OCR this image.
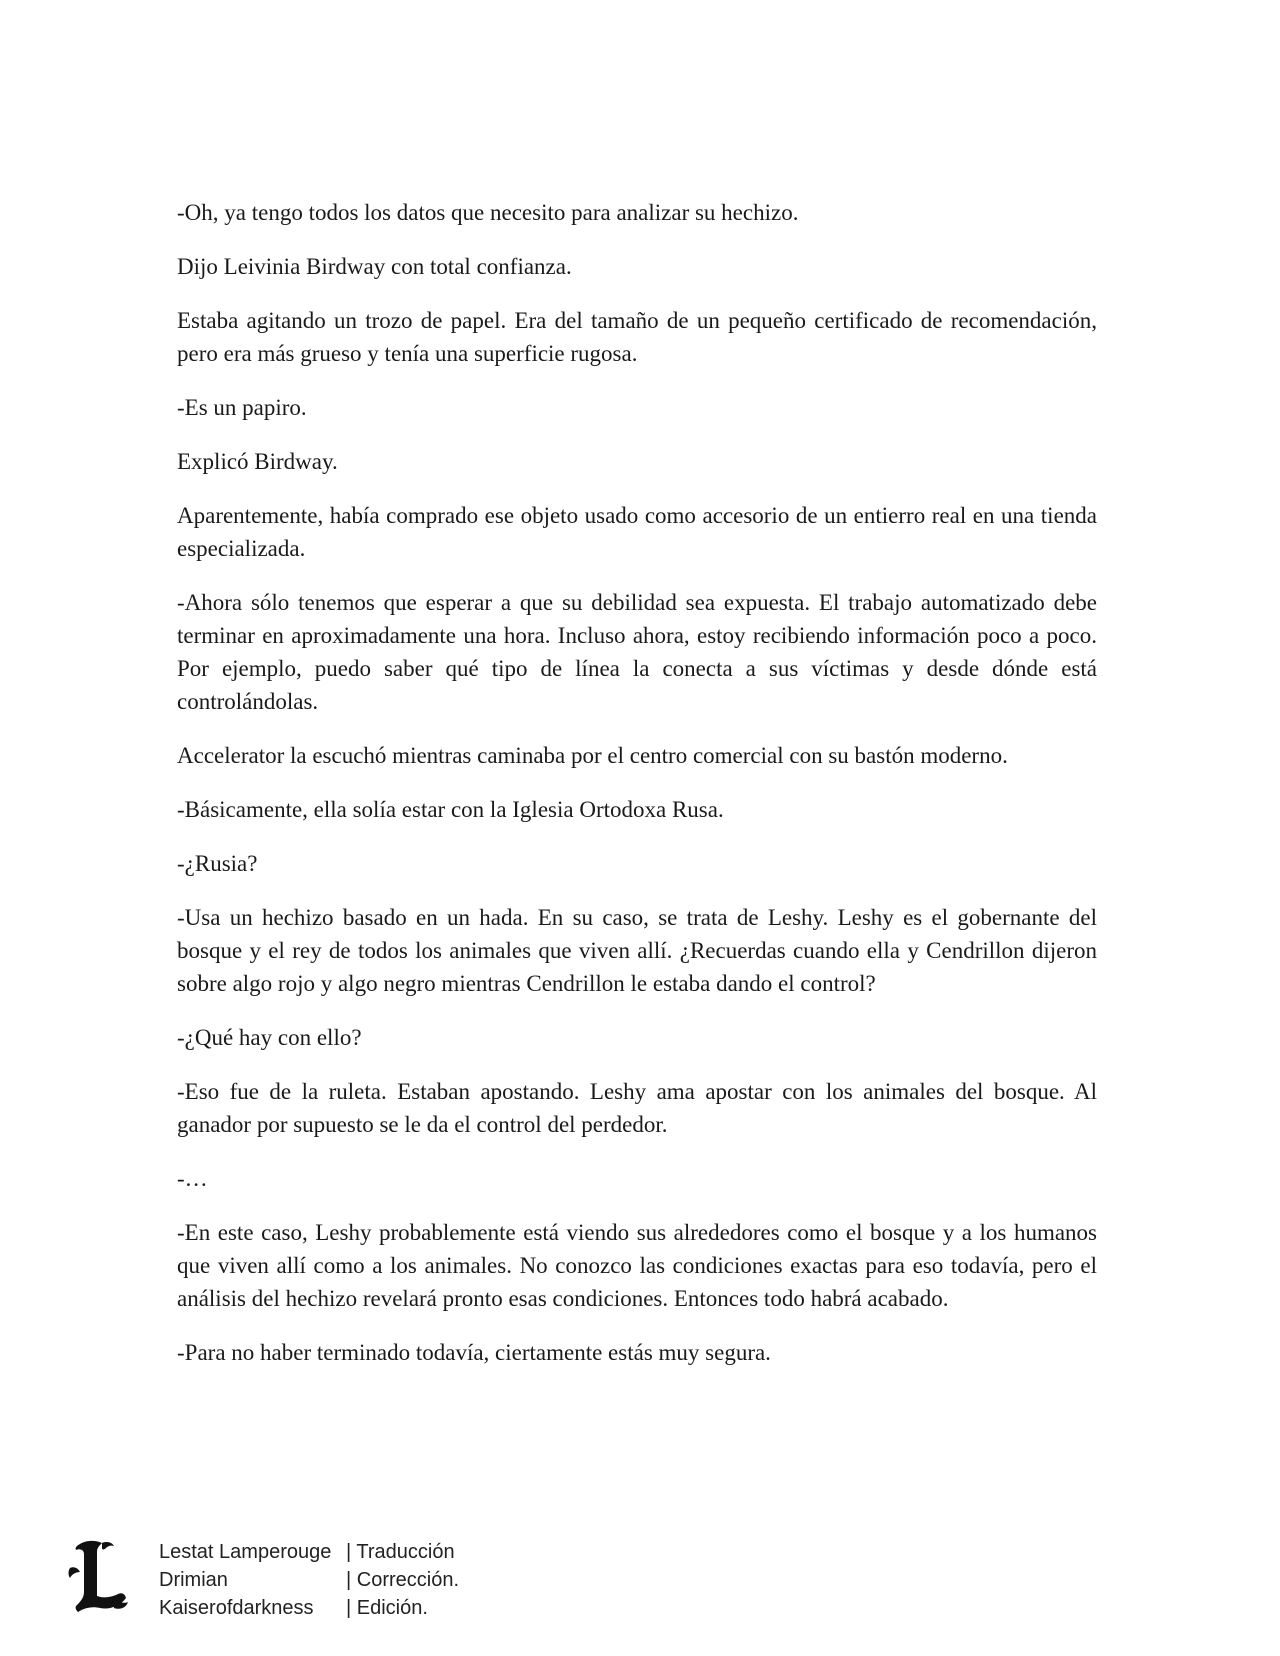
-Oh, ya tengo todos los datos que necesito para analizar su hechizo.

Dijo Leivinia Birdway con total confianza.

Estaba agitando un trozo de papel. Era del tamaño de un pequeño certificado de recomendación, pero era más grueso y tenía una superficie rugosa.

-Es un papiro.

Explicó Birdway.

Aparentemente, había comprado ese objeto usado como accesorio de un entierro real en una tienda especializada.

-Ahora sólo tenemos que esperar a que su debilidad sea expuesta. El trabajo automatizado debe terminar en aproximadamente una hora. Incluso ahora, estoy recibiendo información poco a poco. Por ejemplo, puedo saber qué tipo de línea la conecta a sus víctimas y desde dónde está controlándolas.

Accelerator la escuchó mientras caminaba por el centro comercial con su bastón moderno.

-Básicamente, ella solía estar con la Iglesia Ortodoxa Rusa.

-¿Rusia?

-Usa un hechizo basado en un hada. En su caso, se trata de Leshy. Leshy es el gobernante del bosque y el rey de todos los animales que viven allí. ¿Recuerdas cuando ella y Cendrillon dijeron sobre algo rojo y algo negro mientras Cendrillon le estaba dando el control?

-¿Qué hay con ello?

-Eso fue de la ruleta. Estaban apostando. Leshy ama apostar con los animales del bosque. Al ganador por supuesto se le da el control del perdedor.

-…

-En este caso, Leshy probablemente está viendo sus alrededores como el bosque y a los humanos que viven allí como a los animales. No conozco las condiciones exactas para eso todavía, pero el análisis del hechizo revelará pronto esas condiciones. Entonces todo habrá acabado.

-Para no haber terminado todavía, ciertamente estás muy segura.

Lestat Lamperouge | Traducción
Drimian	| Corrección.
Kaiserofdarkness	| Edición.
